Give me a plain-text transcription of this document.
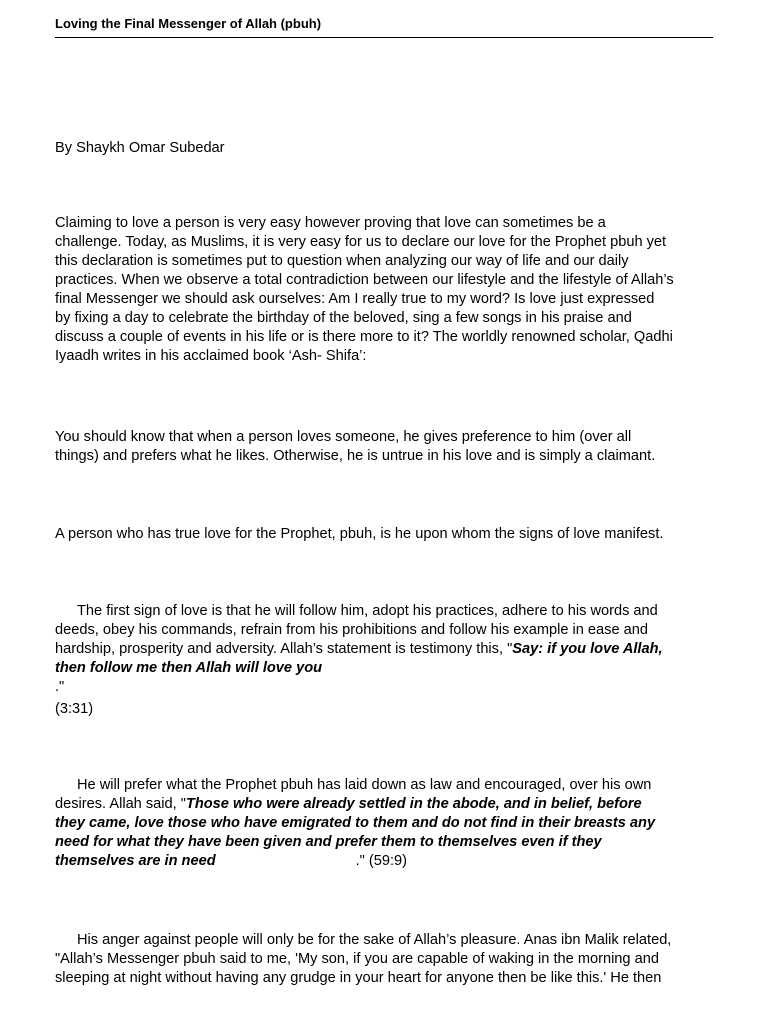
Loving the Final Messenger of Allah (pbuh)
By Shaykh Omar Subedar
Claiming to love a person is very easy however proving that love can sometimes be a
challenge. Today, as Muslims, it is very easy for us to declare our love for the Prophet pbuh yet
this declaration is sometimes put to question when analyzing our way of life and our daily
practices. When we observe a total contradiction between our lifestyle and the lifestyle of Allah’s
final Messenger we should ask ourselves: Am I really true to my word? Is love just expressed
by fixing a day to celebrate the birthday of the beloved, sing a few songs in his praise and
discuss a couple of events in his life or is there more to it? The worldly renowned scholar, Qadhi
Iyaadh writes in his acclaimed book ‘Ash- Shifa’:
You should know that when a person loves someone, he gives preference to him (over all
things) and prefers what he likes. Otherwise, he is untrue in his love and is simply a claimant.
A person who has true love for the Prophet, pbuh, is he upon whom the signs of love manifest.
The first sign of love is that he will follow him, adopt his practices, adhere to his words and
deeds, obey his commands, refrain from his prohibitions and follow his example in ease and
hardship, prosperity and adversity. Allah’s statement is testimony this, "Say: if you love Allah,
then follow me then Allah will love you
."
(3:31)
He will prefer what the Prophet pbuh has laid down as law and encouraged, over his own
desires. Allah said, "Those who were already settled in the abode, and in belief, before
they came, love those who have emigrated to them and do not find in their breasts any
need for what they have been given and prefer them to themselves even if they
themselves are in need	." (59:9)
His anger against people will only be for the sake of Allah’s pleasure. Anas ibn Malik related,
"Allah’s Messenger pbuh said to me, 'My son, if you are capable of waking in the morning and
sleeping at night without having any grudge in your heart for anyone then be like this.' He then
